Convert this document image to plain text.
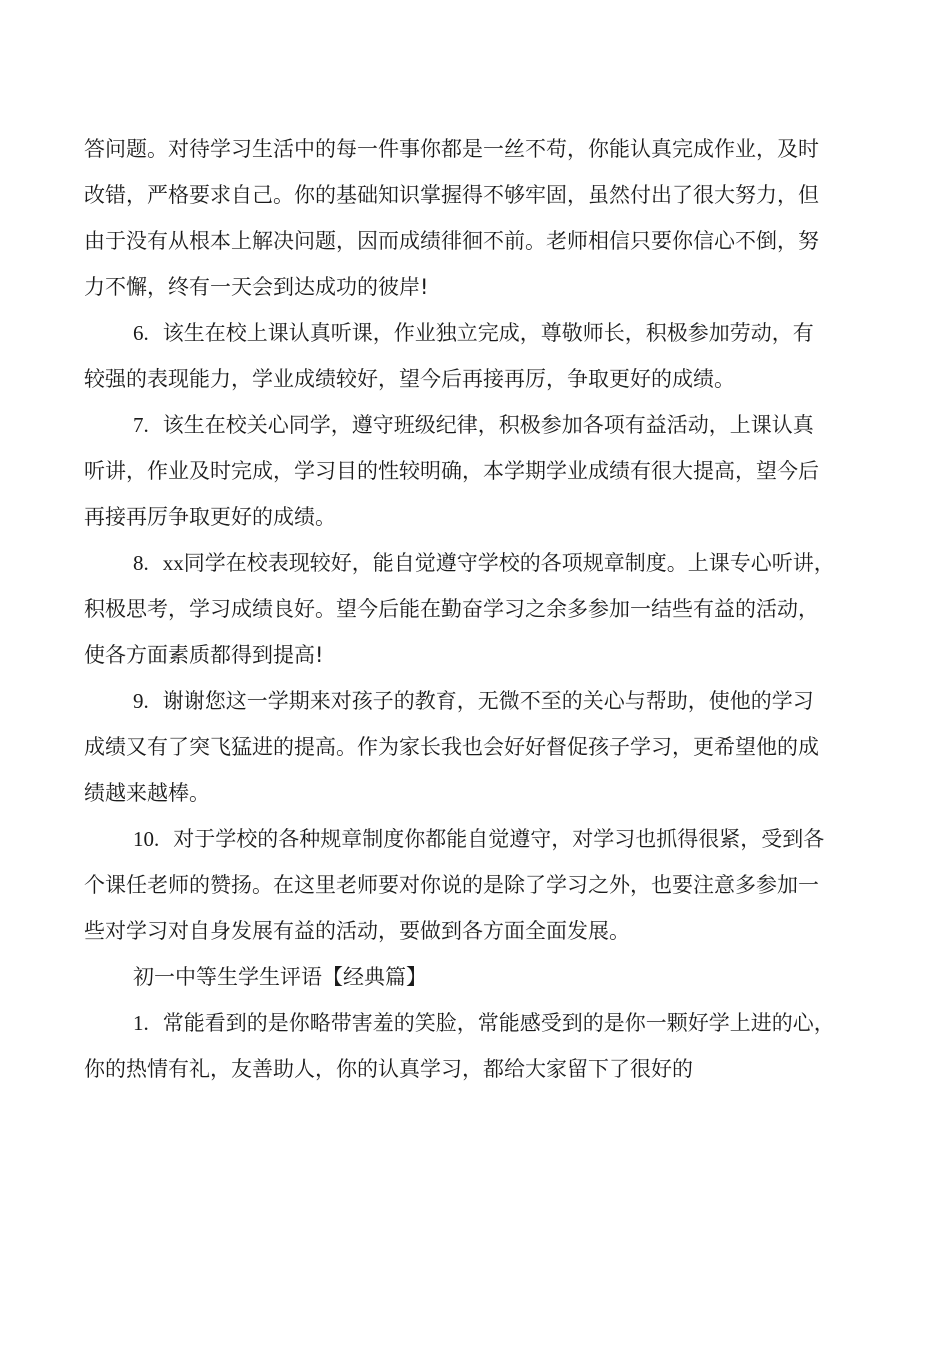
答问题。对待学习生活中的每一件事你都是一丝不苟，你能认真完成作业，及时
改错，严格要求自己。你的基础知识掌握得不够牢固，虽然付出了很大努力，但
由于没有从根本上解决问题，因而成绩徘徊不前。老师相信只要你信心不倒，努
力不懈，终有一天会到达成功的彼岸!
6. 该生在校上课认真听课，作业独立完成，尊敬师长，积极参加劳动，有
较强的表现能力，学业成绩较好，望今后再接再厉，争取更好的成绩。
7. 该生在校关心同学，遵守班级纪律，积极参加各项有益活动，上课认真
听讲，作业及时完成，学习目的性较明确，本学期学业成绩有很大提高，望今后
再接再厉争取更好的成绩。
8. xx同学在校表现较好，能自觉遵守学校的各项规章制度。上课专心听讲，
积极思考，学习成绩良好。望今后能在勤奋学习之余多参加一结些有益的活动，
使各方面素质都得到提高!
9. 谢谢您这一学期来对孩子的教育，无微不至的关心与帮助，使他的学习
成绩又有了突飞猛进的提高。作为家长我也会好好督促孩子学习，更希望他的成
绩越来越棒。
10. 对于学校的各种规章制度你都能自觉遵守，对学习也抓得很紧，受到各
个课任老师的赞扬。在这里老师要对你说的是除了学习之外，也要注意多参加一
些对学习对自身发展有益的活动，要做到各方面全面发展。
初一中等生学生评语【经典篇】
1. 常能看到的是你略带害羞的笑脸，常能感受到的是你一颗好学上进的心，
你的热情有礼，友善助人，你的认真学习，都给大家留下了很好的
